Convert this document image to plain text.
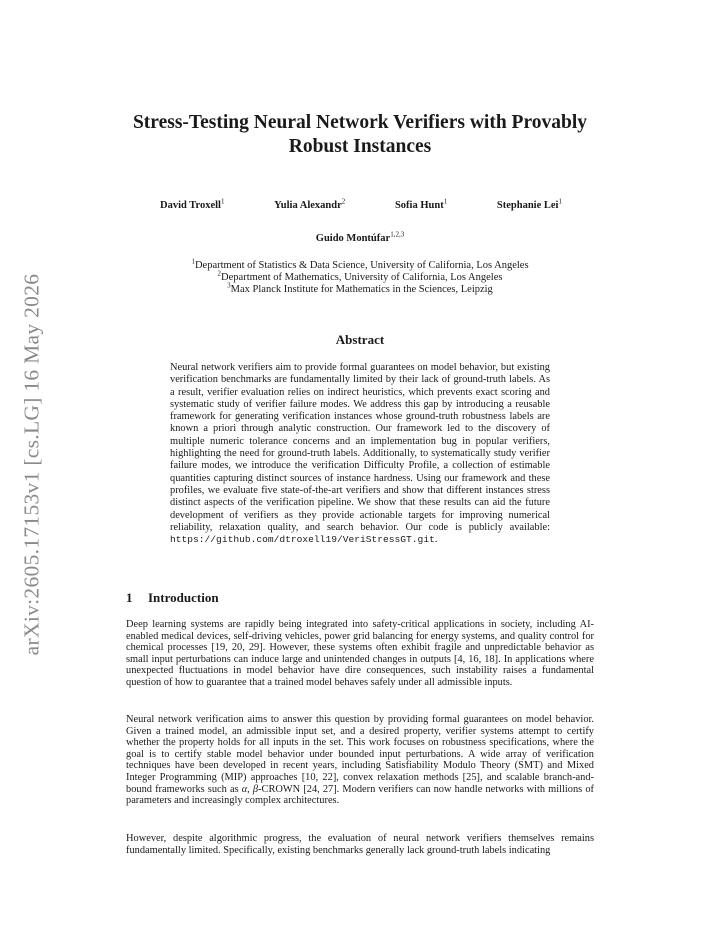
arXiv:2605.17153v1 [cs.LG] 16 May 2026
Stress-Testing Neural Network Verifiers with Provably Robust Instances
David Troxell$^1$	Yulia Alexandr$^2$	Sofia Hunt$^1$	Stephanie Lei$^1$
Guido Montúfar$^{1,2,3}$
$^1$Department of Statistics & Data Science, University of California, Los Angeles
$^2$Department of Mathematics, University of California, Los Angeles
$^3$Max Planck Institute for Mathematics in the Sciences, Leipzig
Abstract
Neural network verifiers aim to provide formal guarantees on model behavior, but existing verification benchmarks are fundamentally limited by their lack of ground-truth labels. As a result, verifier evaluation relies on indirect heuristics, which prevents exact scoring and systematic study of verifier failure modes. We address this gap by introducing a reusable framework for generating verification instances whose ground-truth robustness labels are known a priori through analytic construction. Our framework led to the discovery of multiple numeric tolerance concerns and an implementation bug in popular verifiers, highlighting the need for ground-truth labels. Additionally, to systematically study verifier failure modes, we introduce the verification Difficulty Profile, a collection of estimable quantities capturing distinct sources of instance hardness. Using our framework and these profiles, we evaluate five state-of-the-art verifiers and show that different instances stress distinct aspects of the verification pipeline. We show that these results can aid the future development of verifiers as they provide actionable targets for improving numerical reliability, relaxation quality, and search behavior. Our code is publicly available: https://github.com/dtroxell19/VeriStressGT.git.
1 Introduction

Deep learning systems are rapidly being integrated into safety-critical applications in society, including AI-enabled medical devices, self-driving vehicles, power grid balancing for energy systems, and quality control for chemical processes [19, 20, 29]. However, these systems often exhibit fragile and unpredictable behavior as small input perturbations can induce large and unintended changes in outputs [4, 16, 18]. In applications where unexpected fluctuations in model behavior have dire consequences, such instability raises a fundamental question of how to guarantee that a trained model behaves safely under all admissible inputs.

Neural network verification aims to answer this question by providing formal guarantees on model behavior. Given a trained model, an admissible input set, and a desired property, verifier systems attempt to certify whether the property holds for all inputs in the set. This work focuses on robustness specifications, where the goal is to certify stable model behavior under bounded input perturbations. A wide array of verification techniques have been developed in recent years, including Satisfiability Modulo Theory (SMT) and Mixed Integer Programming (MIP) approaches [10, 22], convex relaxation methods [25], and scalable branch-and-bound frameworks such as α, β-CROWN [24, 27]. Modern verifiers can now handle networks with millions of parameters and increasingly complex architectures.

However, despite algorithmic progress, the evaluation of neural network verifiers themselves remains fundamentally limited. Specifically, existing benchmarks generally lack ground-truth labels indicating
